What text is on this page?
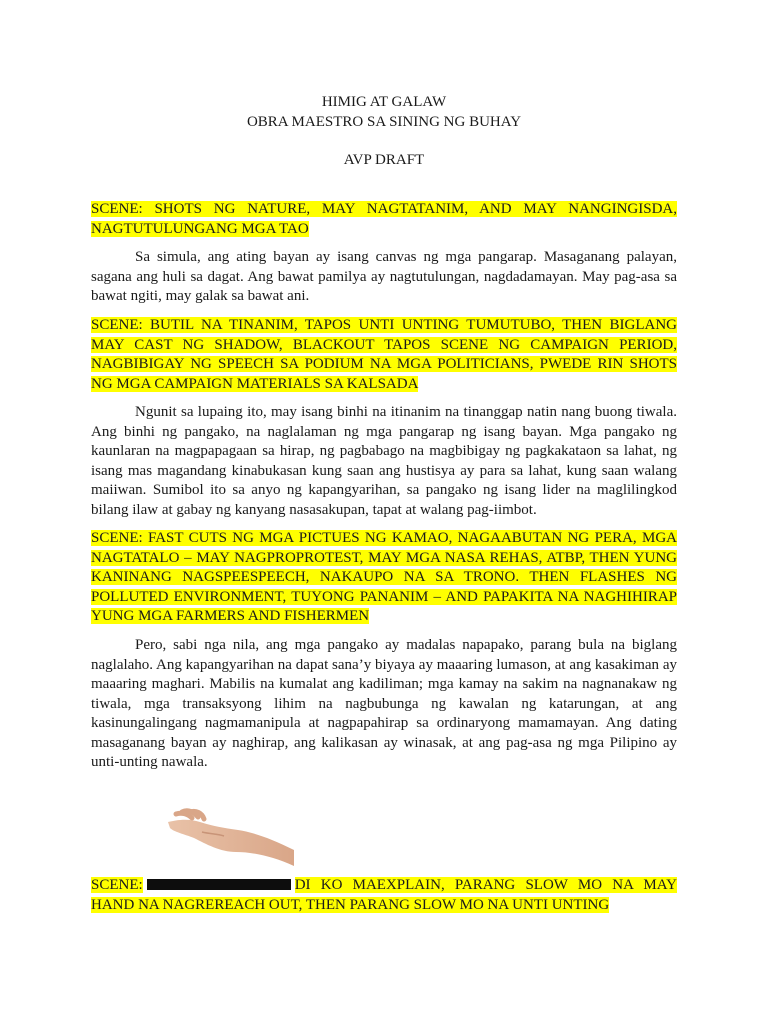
HIMIG AT GALAW
OBRA MAESTRO SA SINING NG BUHAY
AVP DRAFT

SCENE: SHOTS NG NATURE, MAY NAGTATANIM, AND MAY NANGINGISDA, NAGTUTULUNGANG MGA TAO

Sa simula, ang ating bayan ay isang canvas ng mga pangarap. Masaganang palayan, sagana ang huli sa dagat. Ang bawat pamilya ay nagtutulungan, nagdadamayan. May pag-asa sa bawat ngiti, may galak sa bawat ani.

SCENE: BUTIL NA TINANIM, TAPOS UNTI UNTING TUMUTUBO, THEN BIGLANG MAY CAST NG SHADOW, BLACKOUT TAPOS SCENE NG CAMPAIGN PERIOD, NAGBIBIGAY NG SPEECH SA PODIUM NA MGA POLITICIANS, PWEDE RIN SHOTS NG MGA CAMPAIGN MATERIALS SA KALSADA

Ngunit sa lupaing ito, may isang binhi na itinanim na tinanggap natin nang buong tiwala. Ang binhi ng pangako, na naglalaman ng mga pangarap ng isang bayan. Mga pangako ng kaunlaran na magpapagaan sa hirap, ng pagbabago na magbibigay ng pagkakataon sa lahat, ng isang mas magandang kinabukasan kung saan ang hustisya ay para sa lahat, kung saan walang maiiwan. Sumibol ito sa anyo ng kapangyarihan, sa pangako ng isang lider na maglilingkod bilang ilaw at gabay ng kanyang nasasakupan, tapat at walang pag-iimbot.

SCENE: FAST CUTS NG MGA PICTUES NG KAMAO, NAGAABUTAN NG PERA, MGA NAGTATALO – MAY NAGPROPROTEST, MAY MGA NASA REHAS, ATBP, THEN YUNG KANINANG NAGSPEESPEECH, NAKAUPO NA SA TRONO. THEN FLASHES NG POLLUTED ENVIRONMENT, TUYONG PANANIM – AND PAPAKITA NA NAGHIHIRAP YUNG MGA FARMERS AND FISHERMEN

Pero, sabi nga nila, ang mga pangako ay madalas napapako, parang bula na biglang naglalaho. Ang kapangyarihan na dapat sana’y biyaya ay maaaring lumason, at ang kasakiman ay maaaring maghari. Mabilis na kumalat ang kadiliman; mga kamay na sakim na nagnanakaw ng tiwala, mga transaksyong lihim na nagbubunga ng kawalan ng katarungan, at ang kasinungalingang nagmamanipula at nagpapahirap sa ordinaryong mamamayan. Ang dating masaganang bayan ay naghirap, ang kalikasan ay winasak, at ang pag-asa ng mga Pilipino ay unti-unting nawala.

SCENE:	DI KO MAEXPLAIN, PARANG SLOW MO NA MAY HAND NA NAGREREACH OUT, THEN PARANG SLOW MO NA UNTI UNTING
